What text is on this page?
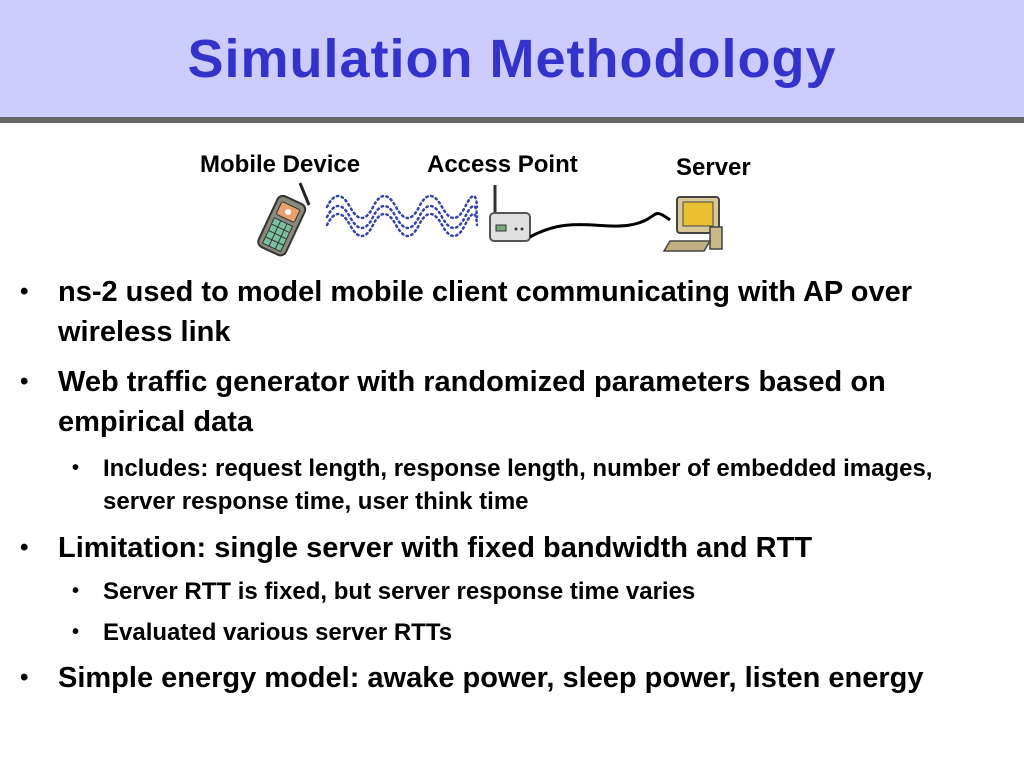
Simulation Methodology
Mobile Device	Access Point	Server
• ns-2 used to model mobile client communicating with AP over wireless link
• Web traffic generator with randomized parameters based on empirical data
• Includes: request length, response length, number of embedded images, server response time, user think time
• Limitation: single server with fixed bandwidth and RTT
• Server RTT is fixed, but server response time varies
• Evaluated various server RTTs
• Simple energy model: awake power, sleep power, listen energy
